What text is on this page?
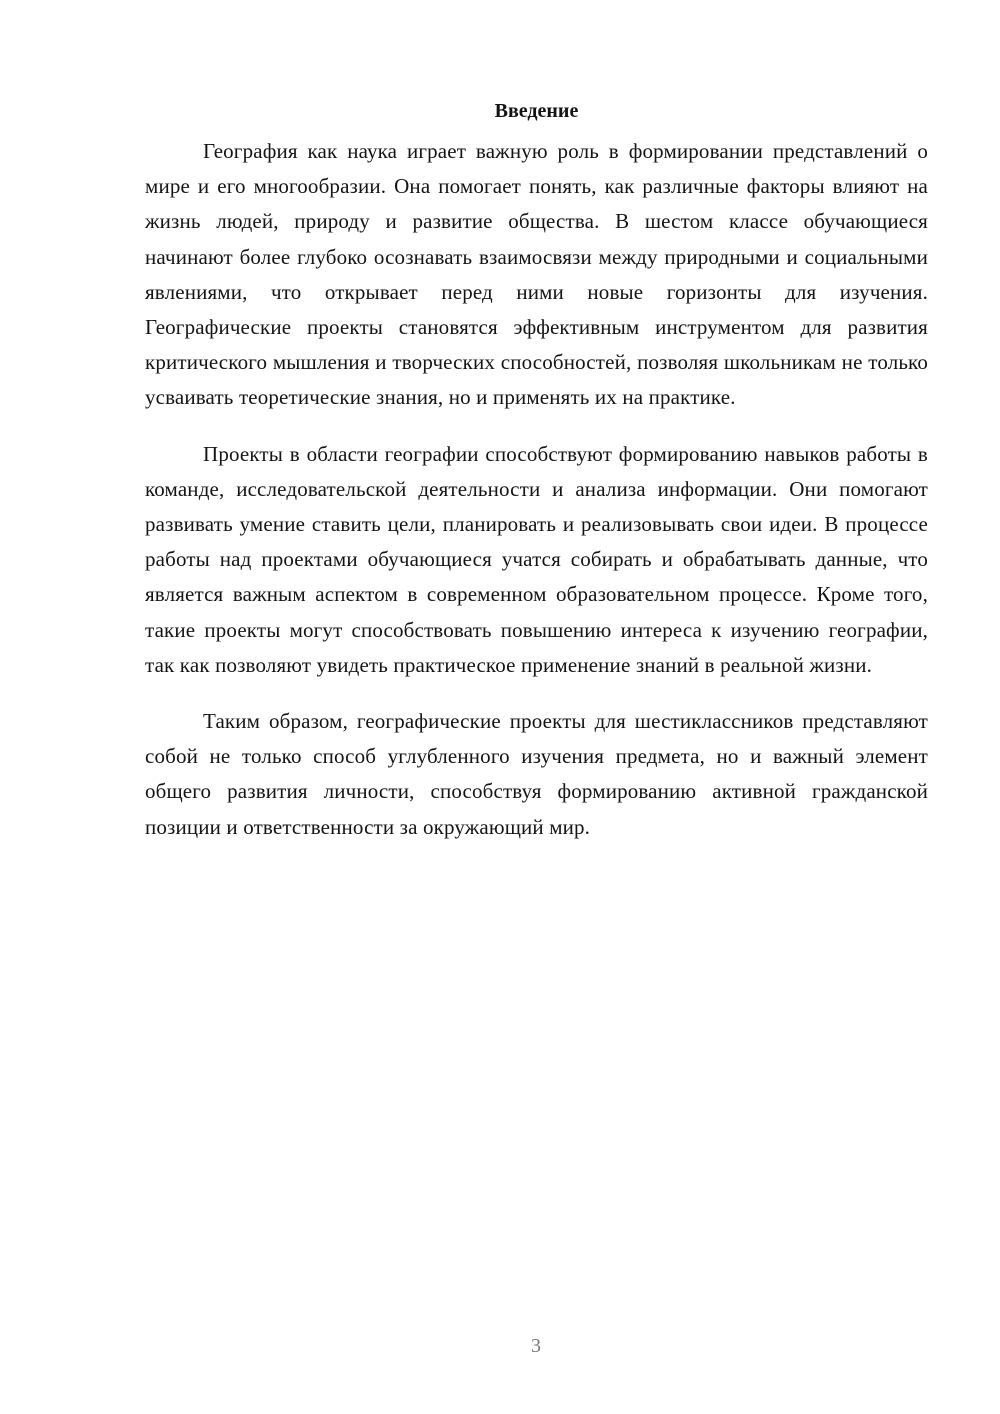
Введение

География как наука играет важную роль в формировании представлений о мире и его многообразии. Она помогает понять, как различные факторы влияют на жизнь людей, природу и развитие общества. В шестом классе обучающиеся начинают более глубоко осознавать взаимосвязи между природными и социальными явлениями, что открывает перед ними новые горизонты для изучения. Географические проекты становятся эффективным инструментом для развития критического мышления и творческих способностей, позволяя школьникам не только усваивать теоретические знания, но и применять их на практике.

Проекты в области географии способствуют формированию навыков работы в команде, исследовательской деятельности и анализа информации. Они помогают развивать умение ставить цели, планировать и реализовывать свои идеи. В процессе работы над проектами обучающиеся учатся собирать и обрабатывать данные, что является важным аспектом в современном образовательном процессе. Кроме того, такие проекты могут способствовать повышению интереса к изучению географии, так как позволяют увидеть практическое применение знаний в реальной жизни.

Таким образом, географические проекты для шестиклассников представляют собой не только способ углубленного изучения предмета, но и важный элемент общего развития личности, способствуя формированию активной гражданской позиции и ответственности за окружающий мир.

3
